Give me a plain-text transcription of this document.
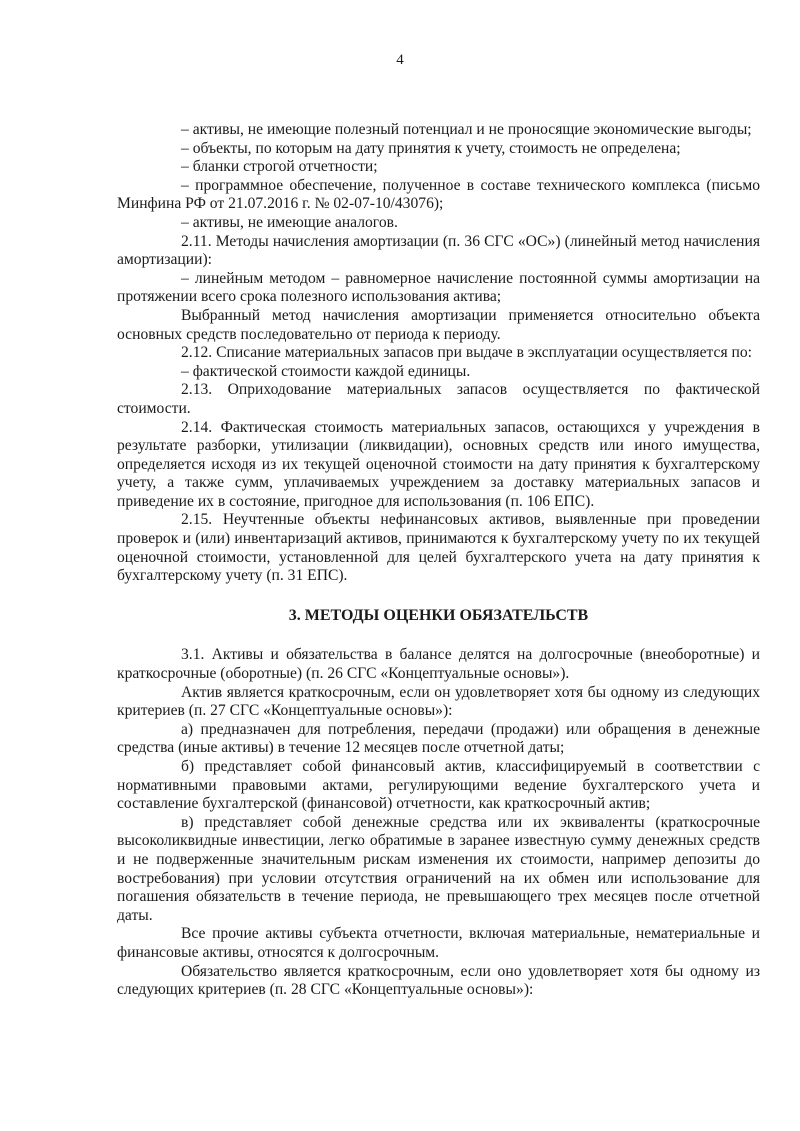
4

– активы, не имеющие полезный потенциал и не проносящие экономические выгоды;

– объекты, по которым на дату принятия к учету, стоимость не определена;

– бланки строгой отчетности;

– программное обеспечение, полученное в составе технического комплекса (письмо Минфина РФ от 21.07.2016 г. № 02-07-10/43076);

– активы, не имеющие аналогов.

2.11. Методы начисления амортизации (п. 36 СГС «ОС») (линейный метод начисления амортизации):

– линейным методом – равномерное начисление постоянной суммы амортизации на протяжении всего срока полезного использования актива;

Выбранный метод начисления амортизации применяется относительно объекта основных средств последовательно от периода к периоду.

2.12. Списание материальных запасов при выдаче в эксплуатации осуществляется по:

– фактической стоимости каждой единицы.

2.13. Оприходование материальных запасов осуществляется по фактической стоимости.

2.14. Фактическая стоимость материальных запасов, остающихся у учреждения в результате разборки, утилизации (ликвидации), основных средств или иного имущества, определяется исходя из их текущей оценочной стоимости на дату принятия к бухгалтерскому учету, а также сумм, уплачиваемых учреждением за доставку материальных запасов и приведение их в состояние, пригодное для использования (п. 106 ЕПС).

2.15. Неучтенные объекты нефинансовых активов, выявленные при проведении проверок и (или) инвентаризаций активов, принимаются к бухгалтерскому учету по их текущей оценочной стоимости, установленной для целей бухгалтерского учета на дату принятия к бухгалтерскому учету (п. 31 ЕПС).

3. МЕТОДЫ ОЦЕНКИ ОБЯЗАТЕЛЬСТВ

3.1. Активы и обязательства в балансе делятся на долгосрочные (внеоборотные) и краткосрочные (оборотные) (п. 26 СГС «Концептуальные основы»).

Актив является краткосрочным, если он удовлетворяет хотя бы одному из следующих критериев (п. 27 СГС «Концептуальные основы»):

а) предназначен для потребления, передачи (продажи) или обращения в денежные средства (иные активы) в течение 12 месяцев после отчетной даты;

б) представляет собой финансовый актив, классифицируемый в соответствии с нормативными правовыми актами, регулирующими ведение бухгалтерского учета и составление бухгалтерской (финансовой) отчетности, как краткосрочный актив;

в) представляет собой денежные средства или их эквиваленты (краткосрочные высоколиквидные инвестиции, легко обратимые в заранее известную сумму денежных средств и не подверженные значительным рискам изменения их стоимости, например депозиты до востребования) при условии отсутствия ограничений на их обмен или использование для погашения обязательств в течение периода, не превышающего трех месяцев после отчетной даты.

Все прочие активы субъекта отчетности, включая материальные, нематериальные и финансовые активы, относятся к долгосрочным.

Обязательство является краткосрочным, если оно удовлетворяет хотя бы одному из следующих критериев (п. 28 СГС «Концептуальные основы»):
